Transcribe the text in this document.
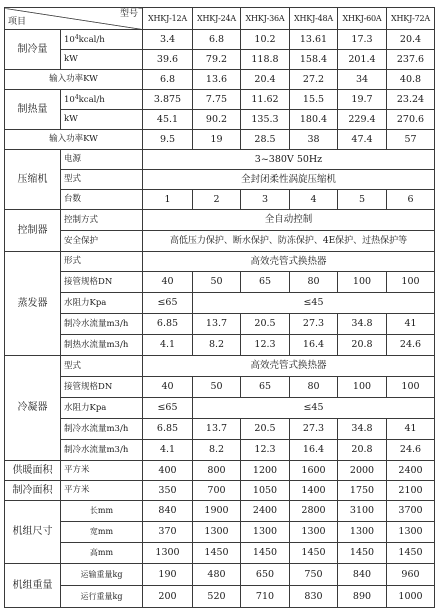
型号
项目		XHKJ-12A	XHKJ-24A	XHKJ-36A	XHKJ-48A	XHKJ-60A	XHKJ-72A
制冷量	$10^4kcal/h$	3.4	6.8	10.2	13.61	17.3	20.4
	kW	39.6	79.2	118.8	158.4	201.4	237.6
输入功率KW		6.8	13.6	20.4	27.2	34	40.8
制热量	$10^4kcal/h$	3.875	7.75	11.62	15.5	19.7	23.24
	kW	45.1	90.2	135.3	180.4	229.4	270.6
输入功率KW		9.5	19	28.5	38	47.4	57
压缩机	电源	3~380V 50Hz					
	型式	全封闭柔性涡旋压缩机					
	台数	1	2	3	4	5	6
控制器	控制方式	全自动控制					
	安全保护	高低压力保护、断水保护、防冻保护、4E保护、过热保护等					
蒸发器	形式	高效壳管式换热器					
	接管规格DN	40	50	65	80	100	100
	水阻力Kpa	≤65	≤45				
	制冷水流量m3/h	6.85	13.7	20.5	27.3	34.8	41
	制热水流量m3/h	4.1	8.2	12.3	16.4	20.8	24.6
冷凝器	型式	高效壳管式换热器					
	接管规格DN	40	50	65	80	100	100
	水阻力Kpa	≤65	≤45				
	制冷水流量m3/h	6.85	13.7	20.5	27.3	34.8	41
	制冷水流量m3/h	4.1	8.2	12.3	16.4	20.8	24.6
供暖面积	平方米	400	800	1200	1600	2000	2400
制冷面积	平方米	350	700	1050	1400	1750	2100
机组尺寸	长mm	840	1900	2400	2800	3100	3700
	宽mm	370	1300	1300	1300	1300	1300
	高mm	1300	1450	1450	1450	1450	1450
机组重量	运输重量kg	190	480	650	750	840	960
	运行重量kg	200	520	710	830	890	1000
